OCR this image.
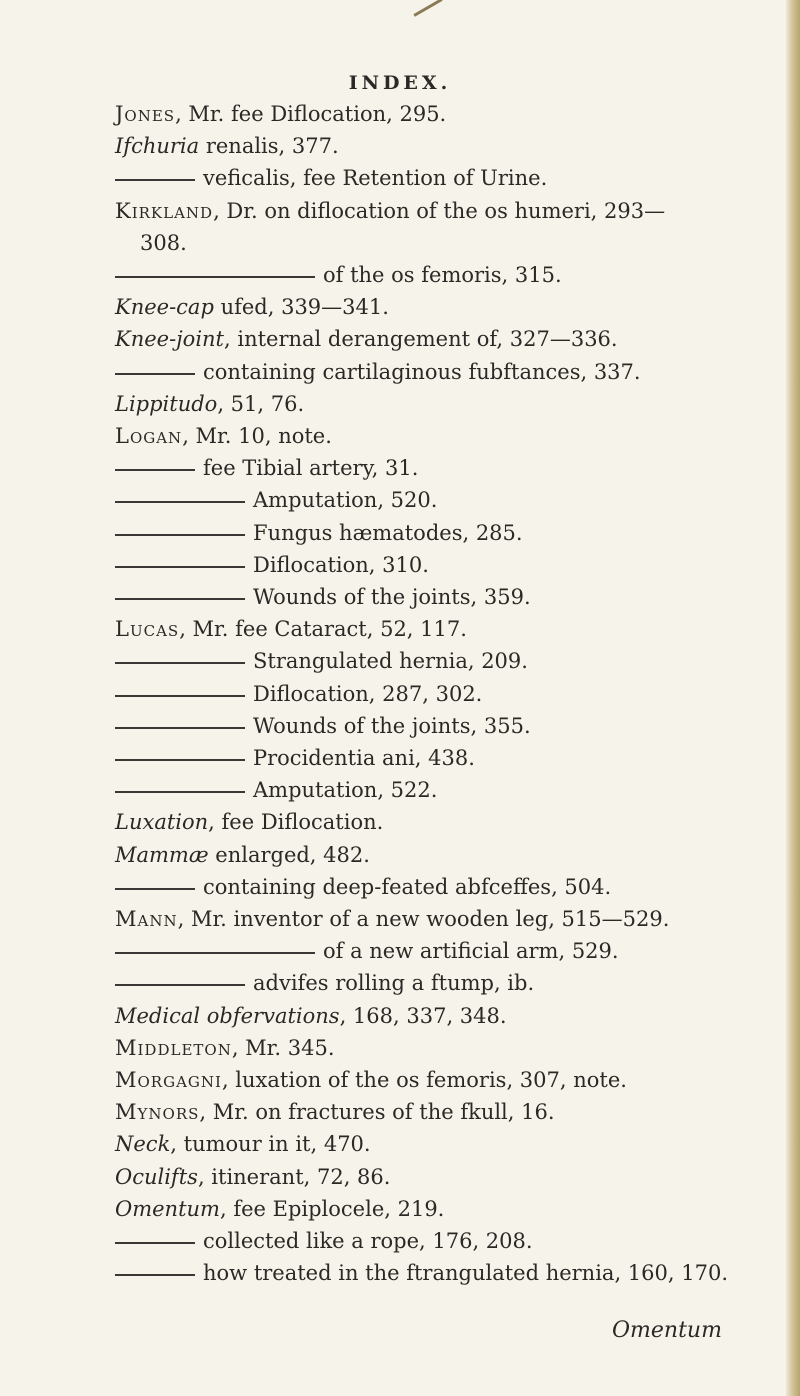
INDEX.
Jones, Mr. fee Diflocation, 295.
Ifchuria renalis, 377.
veficalis, fee Retention of Urine.
Kirkland, Dr. on diflocation of the os humeri, 293—
308.
of the os femoris, 315.
Knee-cap ufed, 339—341.
Knee-joint, internal derangement of, 327—336.
containing cartilaginous fubftances, 337.
Lippitudo, 51, 76.
Logan, Mr. 10, note.
fee Tibial artery, 31.
Amputation, 520.
Fungus hæmatodes, 285.
Diflocation, 310.
Wounds of the joints, 359.
Lucas, Mr. fee Cataract, 52, 117.
Strangulated hernia, 209.
Diflocation, 287, 302.
Wounds of the joints, 355.
Procidentia ani, 438.
Amputation, 522.
Luxation, fee Diflocation.
Mammæ enlarged, 482.
containing deep-feated abfceffes, 504.
Mann, Mr. inventor of a new wooden leg, 515—529.
of a new artificial arm, 529.
advifes rolling a ftump, ib.
Medical obfervations, 168, 337, 348.
Middleton, Mr. 345.
Morgagni, luxation of the os femoris, 307, note.
Mynors, Mr. on fractures of the fkull, 16.
Neck, tumour in it, 470.
Oculifts, itinerant, 72, 86.
Omentum, fee Epiplocele, 219.
collected like a rope, 176, 208.
how treated in the ftrangulated hernia, 160, 170.
Omentum
